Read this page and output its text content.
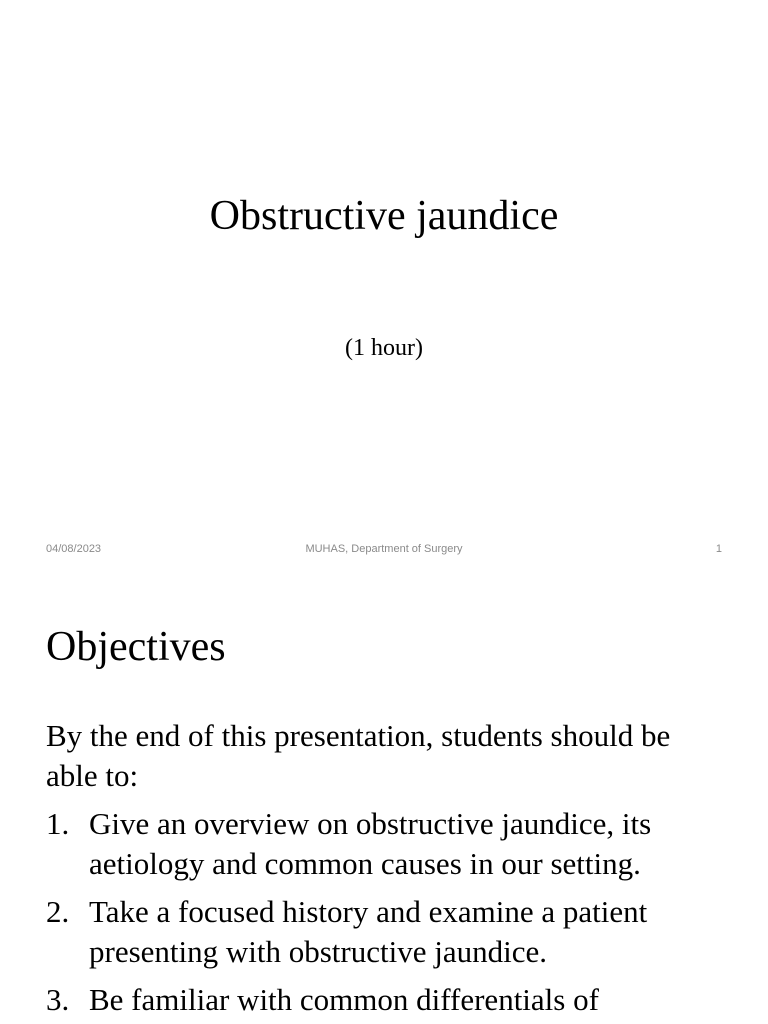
Obstructive jaundice
(1 hour)
04/08/2023	MUHAS, Department of Surgery	1
Objectives

By the end of this presentation, students should be able to:

1. Give an overview on obstructive jaundice, its aetiology and common causes in our setting.
2. Take a focused history and examine a patient presenting with obstructive jaundice.
3. Be familiar with common differentials of
